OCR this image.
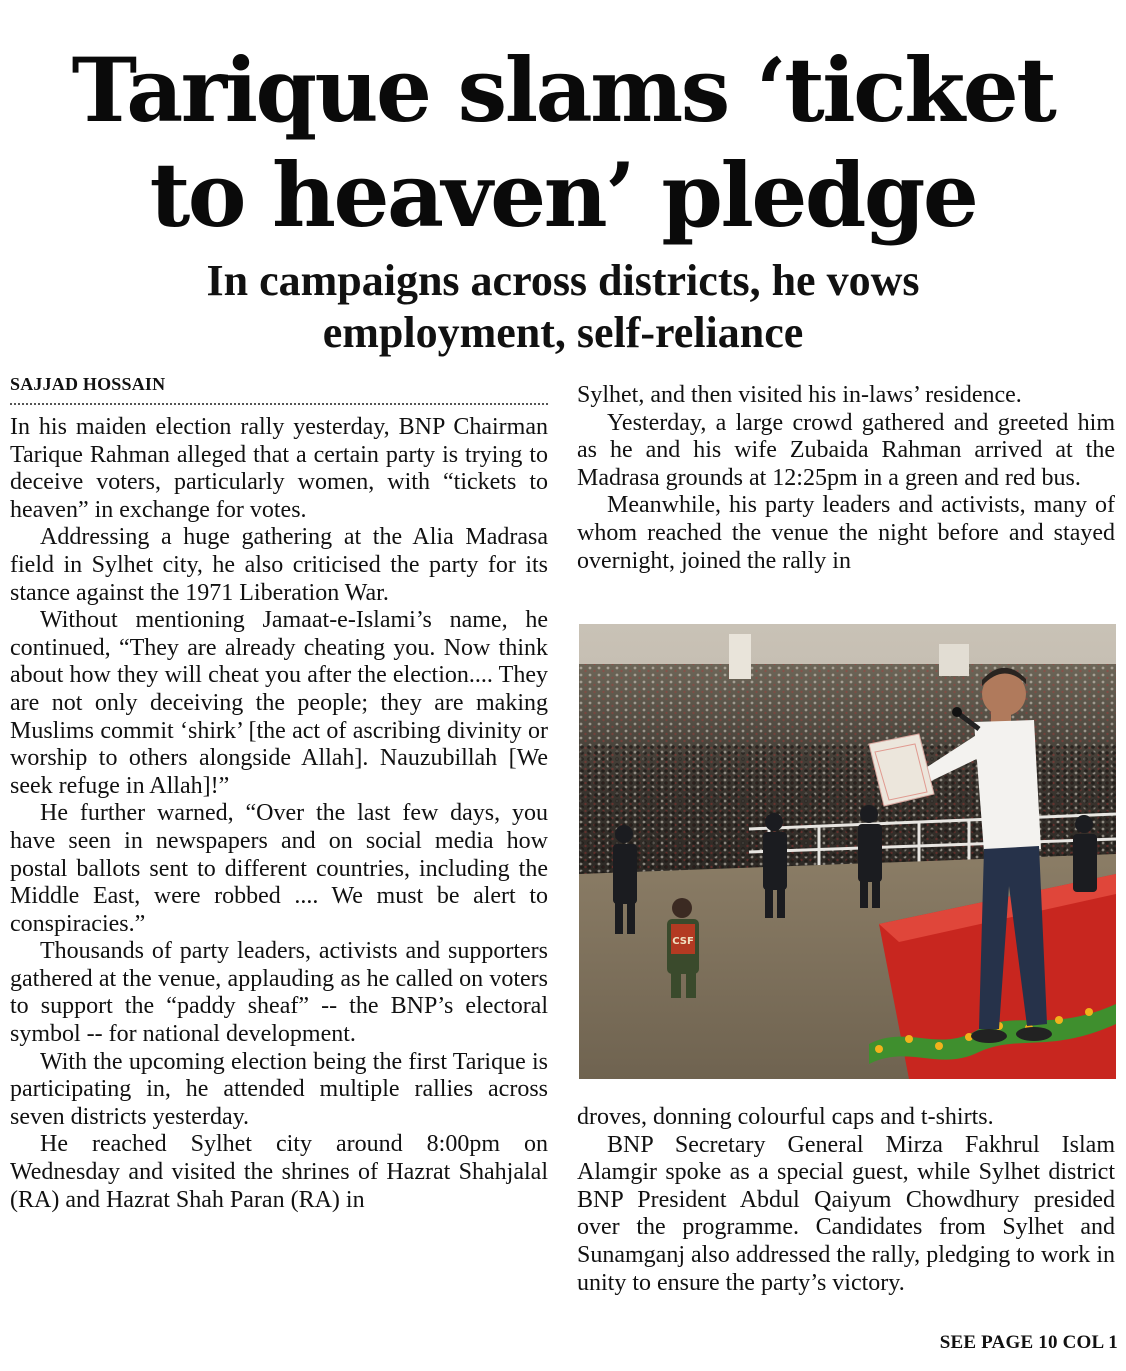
Tarique slams ‘ticket
to heaven’ pledge
In campaigns across districts, he vows
employment, self-reliance
SAJJAD HOSSAIN

In his maiden election rally yesterday, BNP Chairman Tarique Rahman alleged that a certain party is trying to deceive voters, particularly women, with “tickets to heaven” in exchange for votes.

Addressing a huge gathering at the Alia Madrasa field in Sylhet city, he also criticised the party for its stance against the 1971 Liberation War.

Without mentioning Jamaat-e-Islami’s name, he continued, “They are already cheating you. Now think about how they will cheat you after the election.... They are not only deceiving the people; they are making Muslims commit ‘shirk’ [the act of ascribing divinity or worship to others alongside Allah]. Nauzubillah [We seek refuge in Allah]!”

He further warned, “Over the last few days, you have seen in newspapers and on social media how postal ballots sent to different countries, including the Middle East, were robbed .... We must be alert to conspiracies.”

Thousands of party leaders, activists and supporters gathered at the venue, applauding as he called on voters to support the “paddy sheaf” -- the BNP’s electoral symbol -- for national development.

With the upcoming election being the first Tarique is participating in, he attended multiple rallies across seven districts yesterday.

He reached Sylhet city around 8:00pm on Wednesday and visited the shrines of Hazrat Shahjalal (RA) and Hazrat Shah Paran (RA) in

Sylhet, and then visited his in-laws’ residence.

Yesterday, a large crowd gathered and greeted him as he and his wife Zubaida Rahman arrived at the Madrasa grounds at 12:25pm in a green and red bus.

Meanwhile, his party leaders and activists, many of whom reached the venue the night before and stayed overnight, joined the rally in

CSF

droves, donning colourful caps and t-shirts.

BNP Secretary General Mirza Fakhrul Islam Alamgir spoke as a special guest, while Sylhet district BNP President Abdul Qaiyum Chowdhury presided over the programme. Candidates from Sylhet and Sunamganj also addressed the rally, pledging to work in unity to ensure the party’s victory.

SEE PAGE 10 COL 1
